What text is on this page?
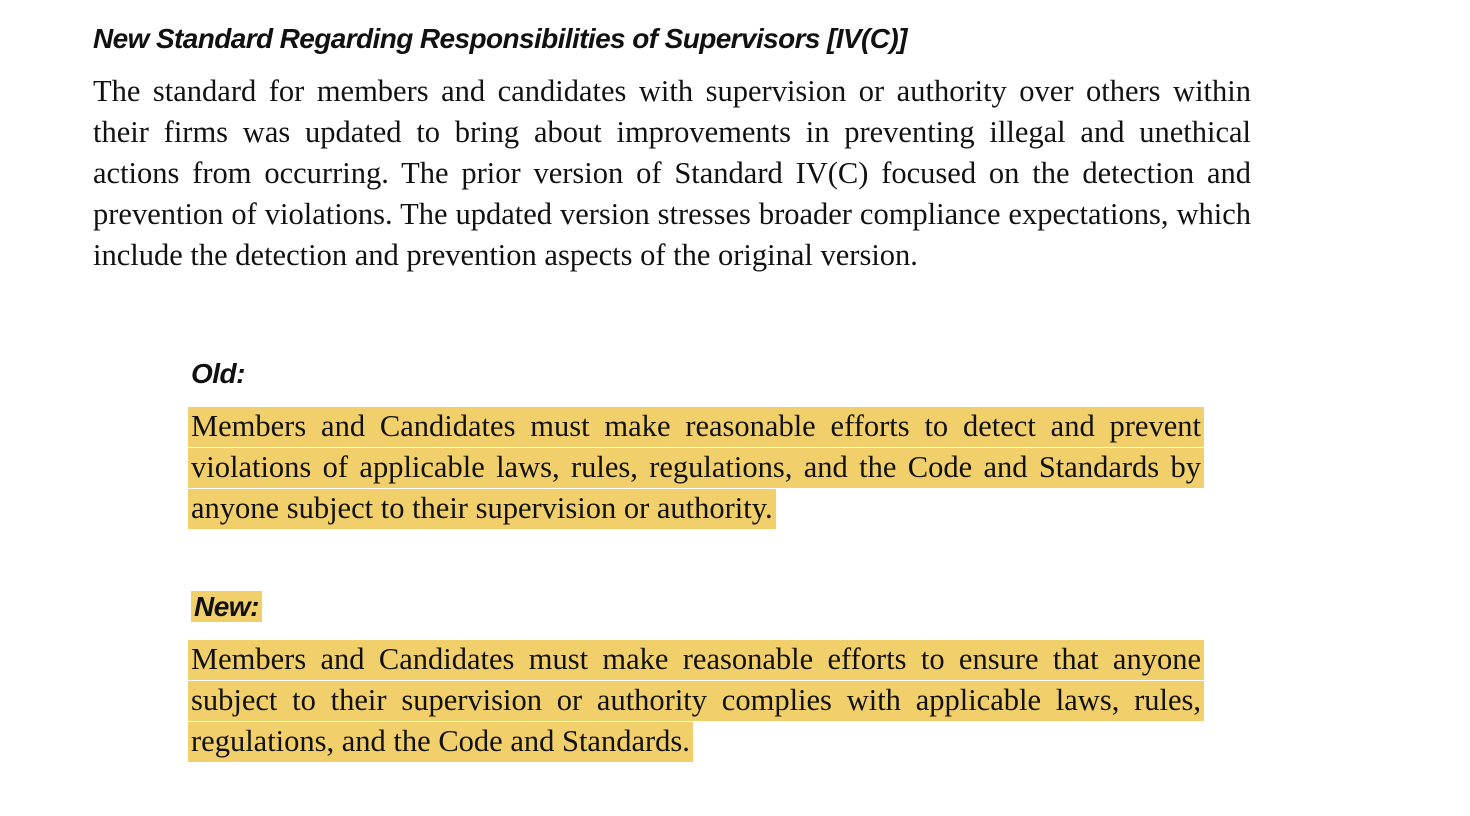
New Standard Regarding Responsibilities of Supervisors [IV(C)]

The standard for members and candidates with supervision or authority over others within their firms was updated to bring about improvements in preventing illegal and unethical actions from occurring. The prior version of Standard IV(C) focused on the detection and prevention of violations. The updated version stresses broader compliance expectations, which include the detection and prevention aspects of the original version.

Old:

Members and Candidates must make reasonable efforts to detect and prevent violations of applicable laws, rules, regulations, and the Code and Standards by anyone subject to their supervision or authority.

New:

Members and Candidates must make reasonable efforts to ensure that anyone subject to their supervision or authority complies with applicable laws, rules, regulations, and the Code and Standards.
